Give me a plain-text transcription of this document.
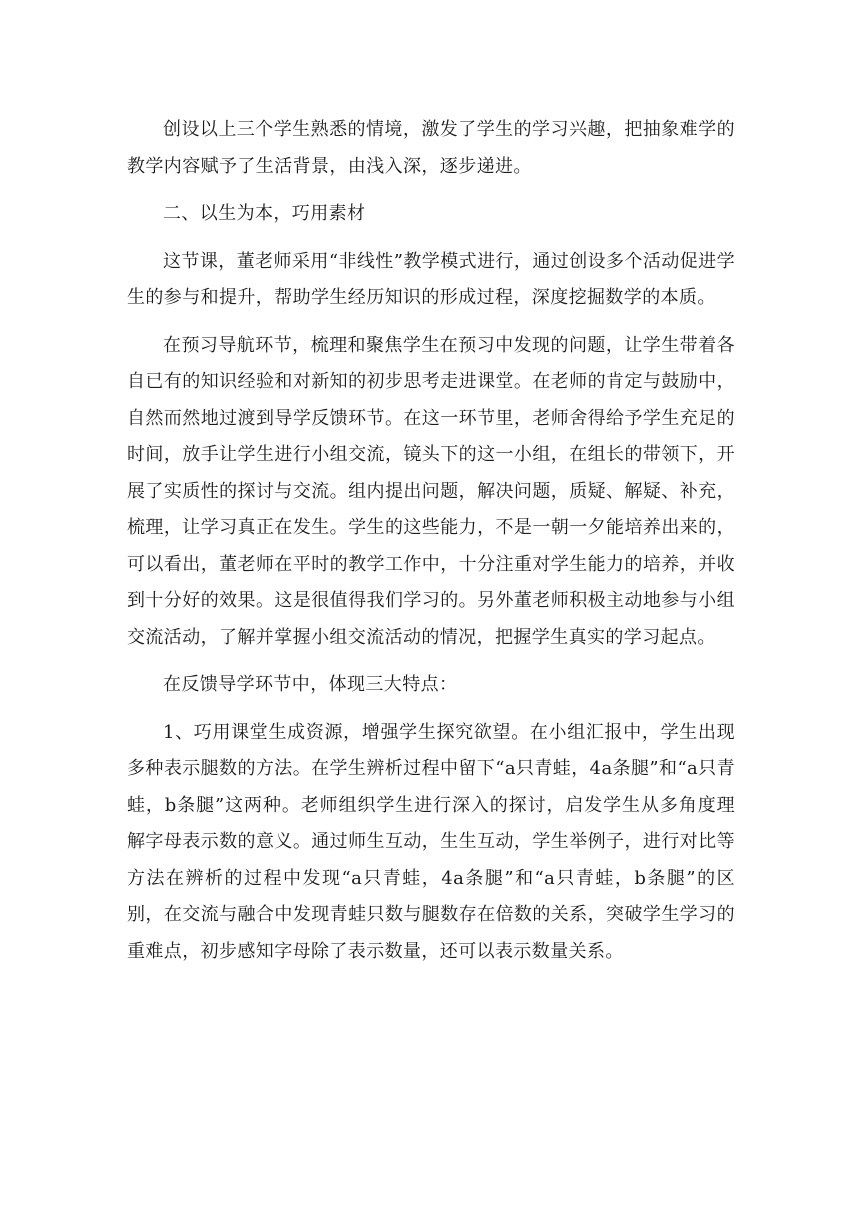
创设以上三个学生熟悉的情境，激发了学生的学习兴趣，把抽象难学的教学内容赋予了生活背景，由浅入深，逐步递进。

二、以生为本，巧用素材

这节课，董老师采用“非线性”教学模式进行，通过创设多个活动促进学生的参与和提升，帮助学生经历知识的形成过程，深度挖掘数学的本质。

在预习导航环节，梳理和聚焦学生在预习中发现的问题，让学生带着各自已有的知识经验和对新知的初步思考走进课堂。在老师的肯定与鼓励中，自然而然地过渡到导学反馈环节。在这一环节里，老师舍得给予学生充足的时间，放手让学生进行小组交流，镜头下的这一小组，在组长的带领下，开展了实质性的探讨与交流。组内提出问题，解决问题，质疑、解疑、补充，梳理，让学习真正在发生。学生的这些能力，不是一朝一夕能培养出来的，可以看出，董老师在平时的教学工作中，十分注重对学生能力的培养，并收到十分好的效果。这是很值得我们学习的。另外董老师积极主动地参与小组交流活动，了解并掌握小组交流活动的情况，把握学生真实的学习起点。

在反馈导学环节中，体现三大特点：

1、巧用课堂生成资源，增强学生探究欲望。在小组汇报中，学生出现多种表示腿数的方法。在学生辨析过程中留下“a只青蛙，4a条腿”和“a只青蛙，b条腿”这两种。老师组织学生进行深入的探讨，启发学生从多角度理解字母表示数的意义。通过师生互动，生生互动，学生举例子，进行对比等方法在辨析的过程中发现“a只青蛙，4a条腿”和“a只青蛙，b条腿”的区别，在交流与融合中发现青蛙只数与腿数存在倍数的关系，突破学生学习的重难点，初步感知字母除了表示数量，还可以表示数量关系。
